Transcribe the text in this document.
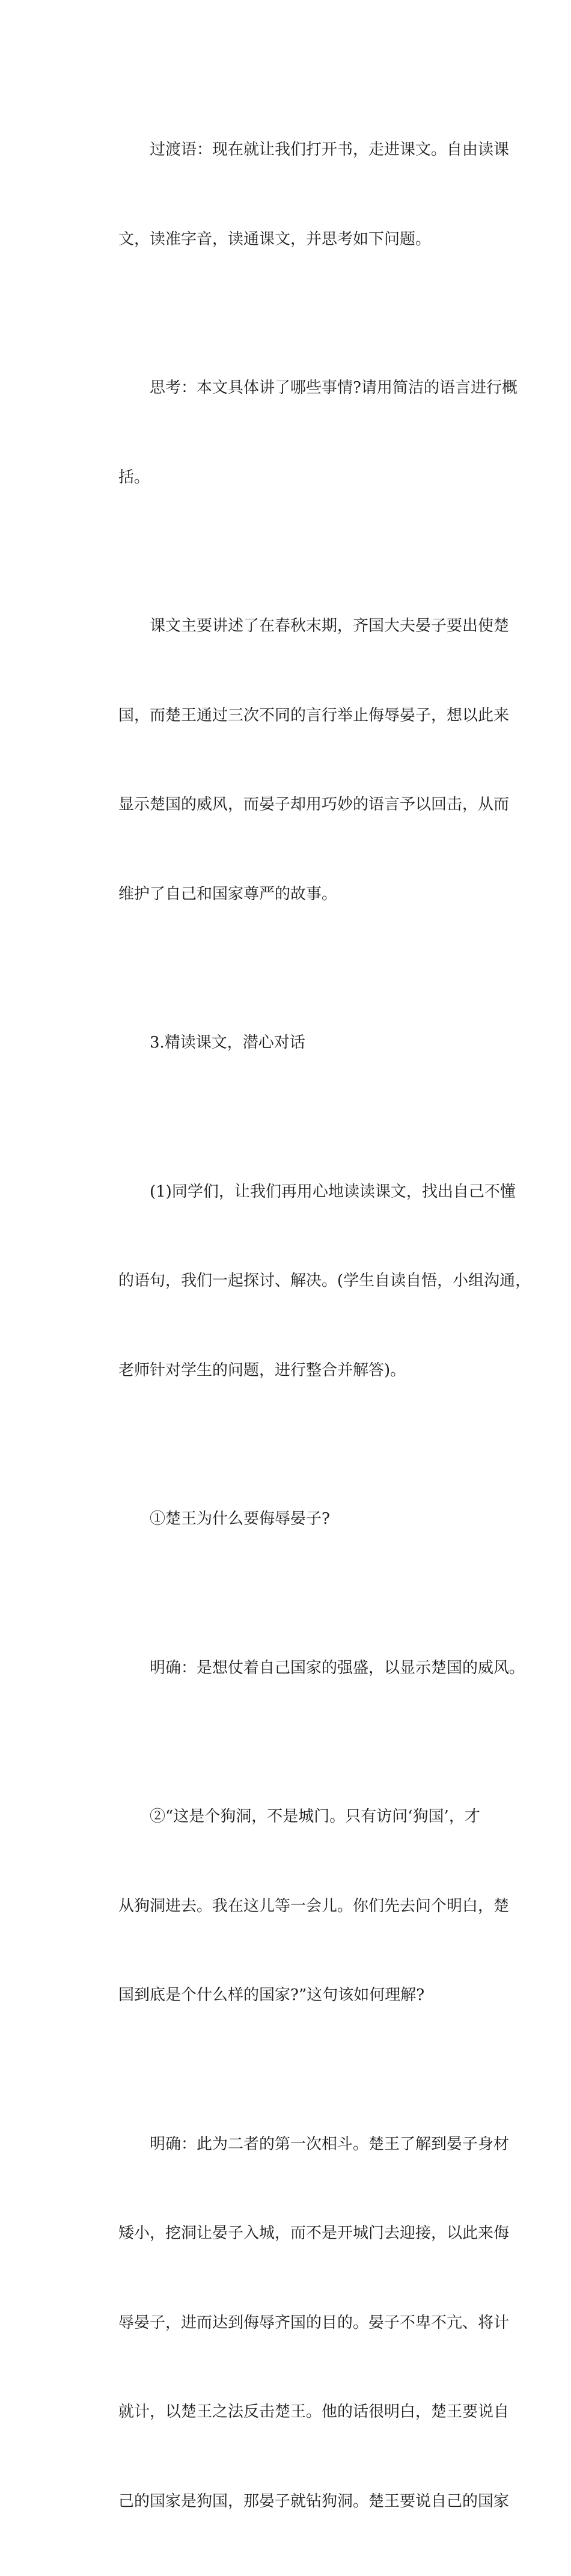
过渡语：现在就让我们打开书，走进课文。自由读课

文，读准字音，读通课文，并思考如下问题。

思考：本文具体讲了哪些事情?请用简洁的语言进行概

括。

课文主要讲述了在春秋末期，齐国大夫晏子要出使楚

国，而楚王通过三次不同的言行举止侮辱晏子，想以此来

显示楚国的威风，而晏子却用巧妙的语言予以回击，从而

维护了自己和国家尊严的故事。

3.精读课文，潜心对话

(1)同学们，让我们再用心地读读课文，找出自己不懂

的语句，我们一起探讨、解决。(学生自读自悟，小组沟通，

老师针对学生的问题，进行整合并解答)。

①楚王为什么要侮辱晏子?

明确：是想仗着自己国家的强盛，以显示楚国的威风。

②“这是个狗洞，不是城门。只有访问‘狗国’，才

从狗洞进去。我在这儿等一会儿。你们先去问个明白，楚

国到底是个什么样的国家?”这句该如何理解?

明确：此为二者的第一次相斗。楚王了解到晏子身材

矮小，挖洞让晏子入城，而不是开城门去迎接，以此来侮

辱晏子，进而达到侮辱齐国的目的。晏子不卑不亢、将计

就计，以楚王之法反击楚王。他的话很明白，楚王要说自

己的国家是狗国，那晏子就钻狗洞。楚王要说自己的国家
